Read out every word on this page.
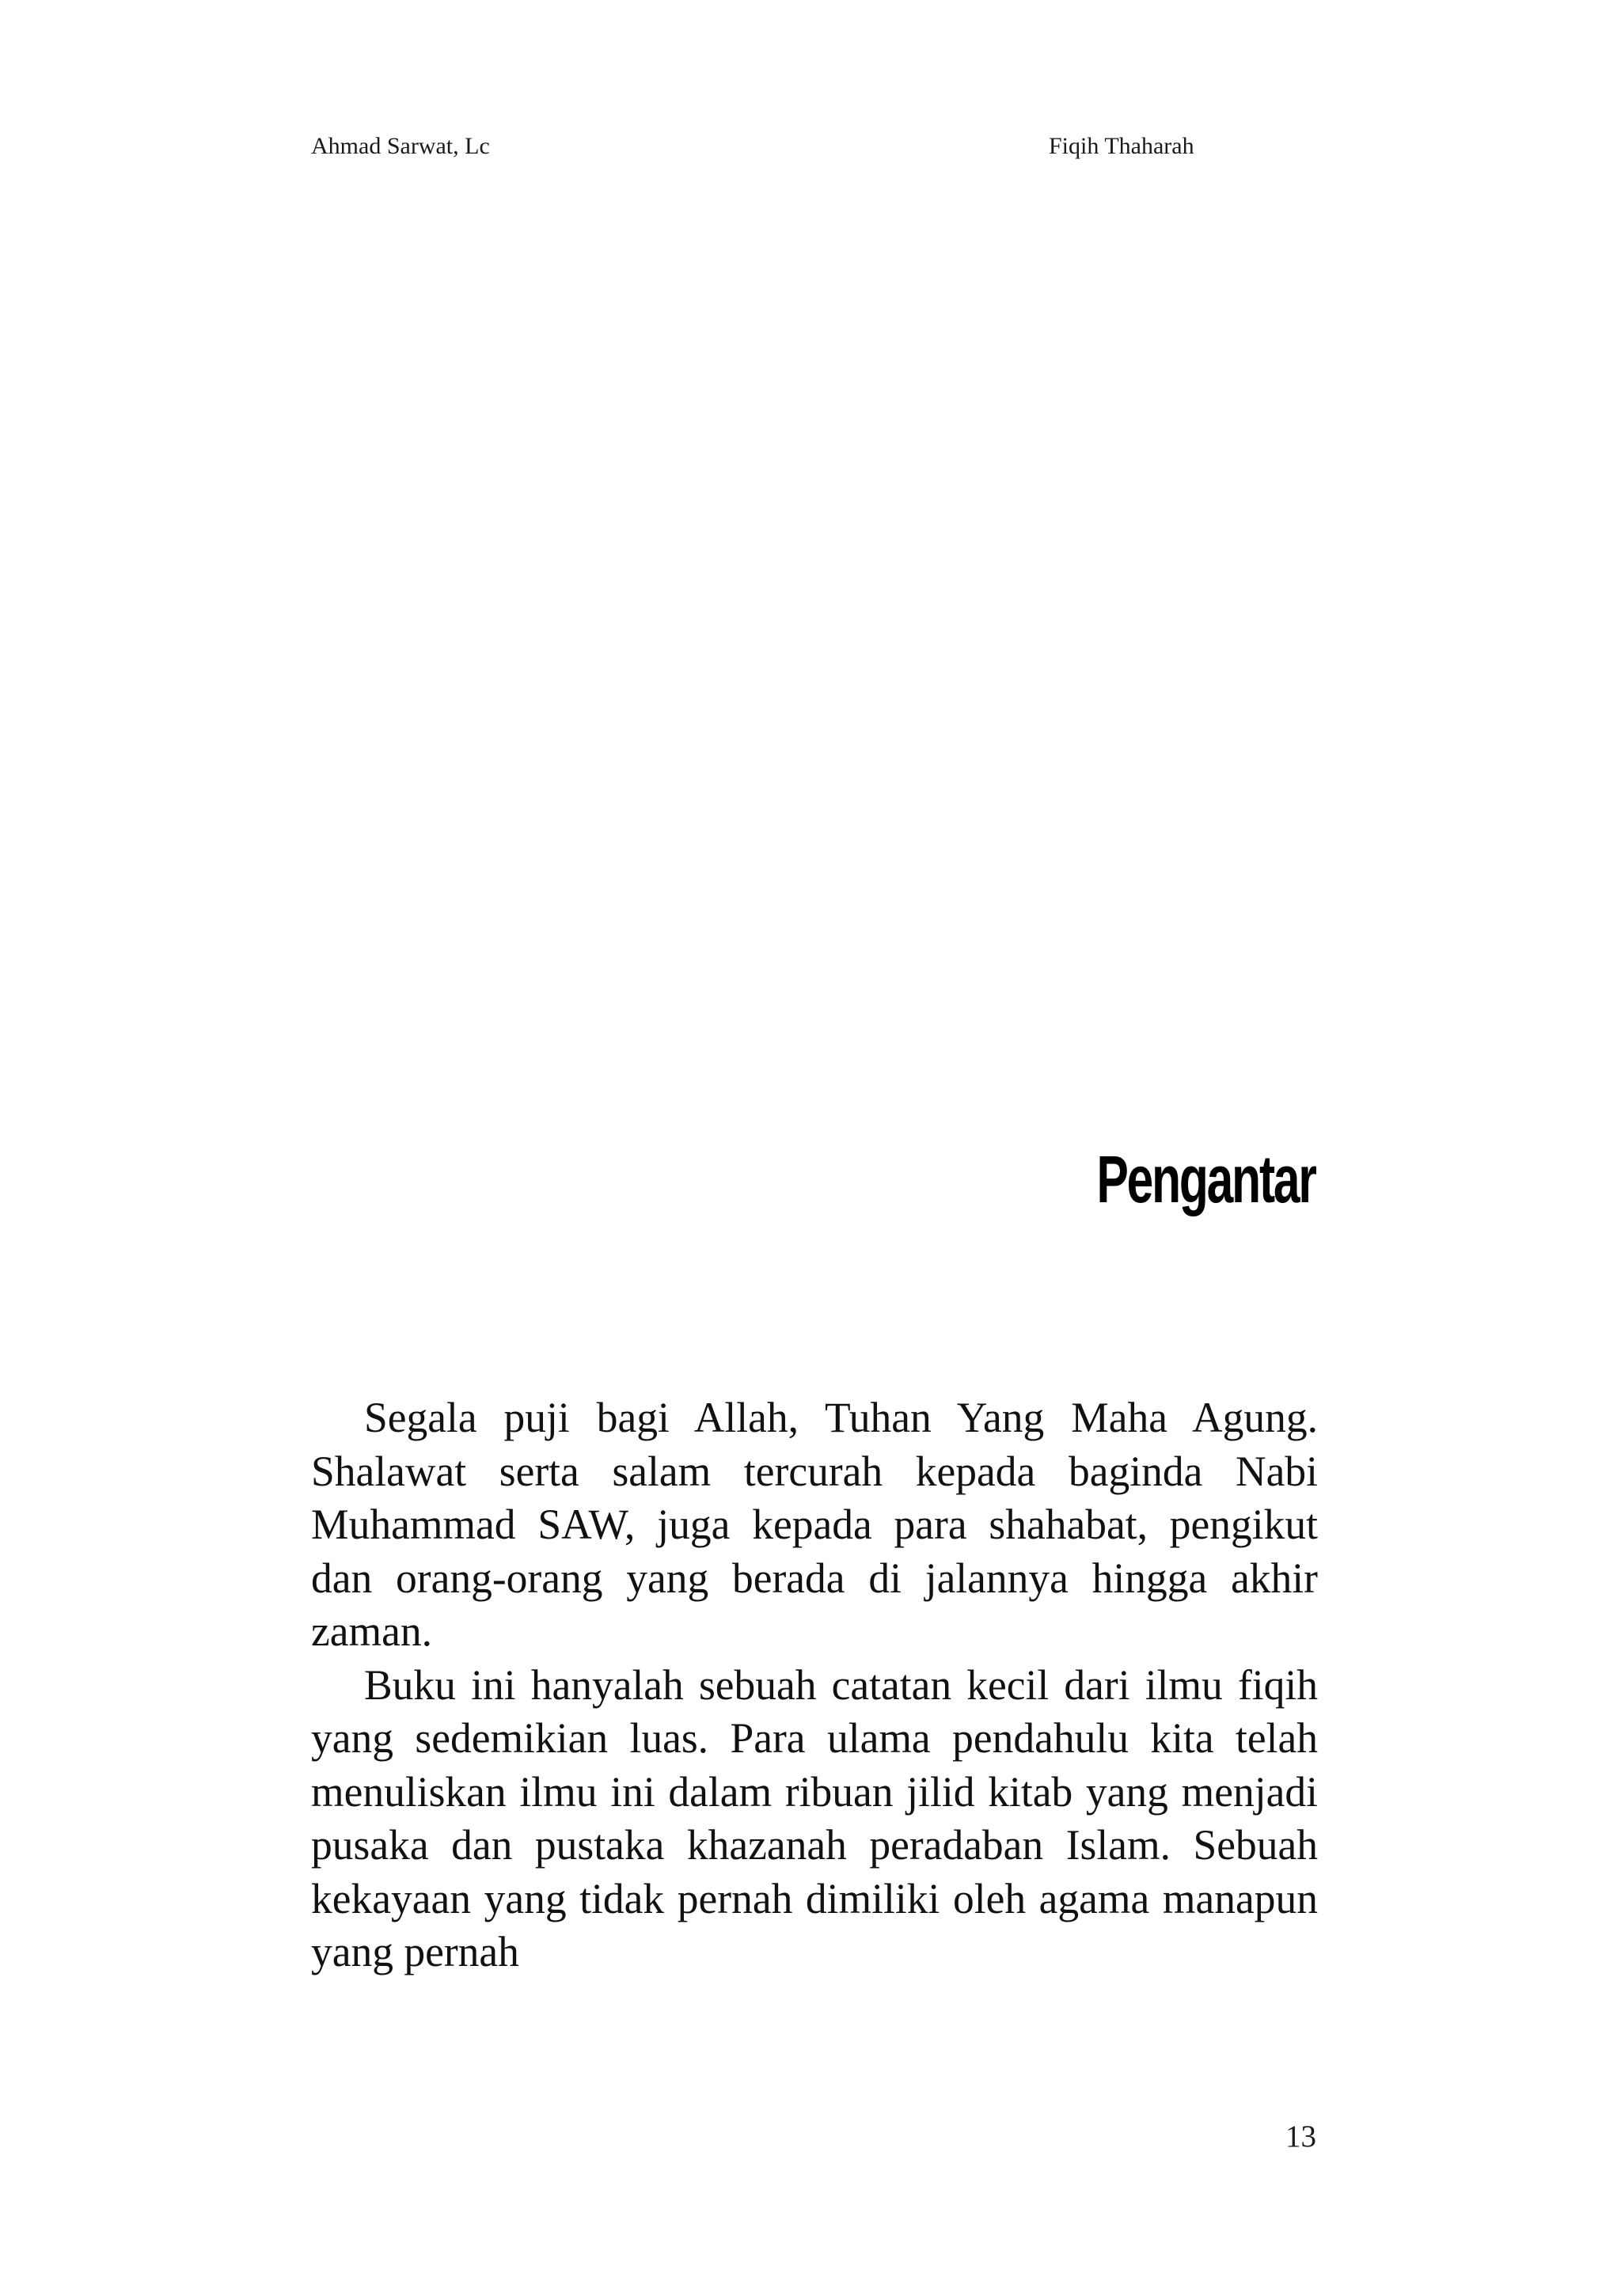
Ahmad Sarwat, Lc	Fiqih Thaharah
Pengantar

Segala puji bagi Allah, Tuhan Yang Maha Agung. Shalawat serta salam tercurah kepada baginda Nabi Muhammad SAW, juga kepada para shahabat, pengikut dan orang-orang yang berada di jalannya hingga akhir zaman.

Buku ini hanyalah sebuah catatan kecil dari ilmu fiqih yang sedemikian luas. Para ulama pendahulu kita telah menuliskan ilmu ini dalam ribuan jilid kitab yang menjadi pusaka dan pustaka khazanah peradaban Islam. Sebuah kekayaan yang tidak pernah dimiliki oleh agama manapun yang pernah

13
